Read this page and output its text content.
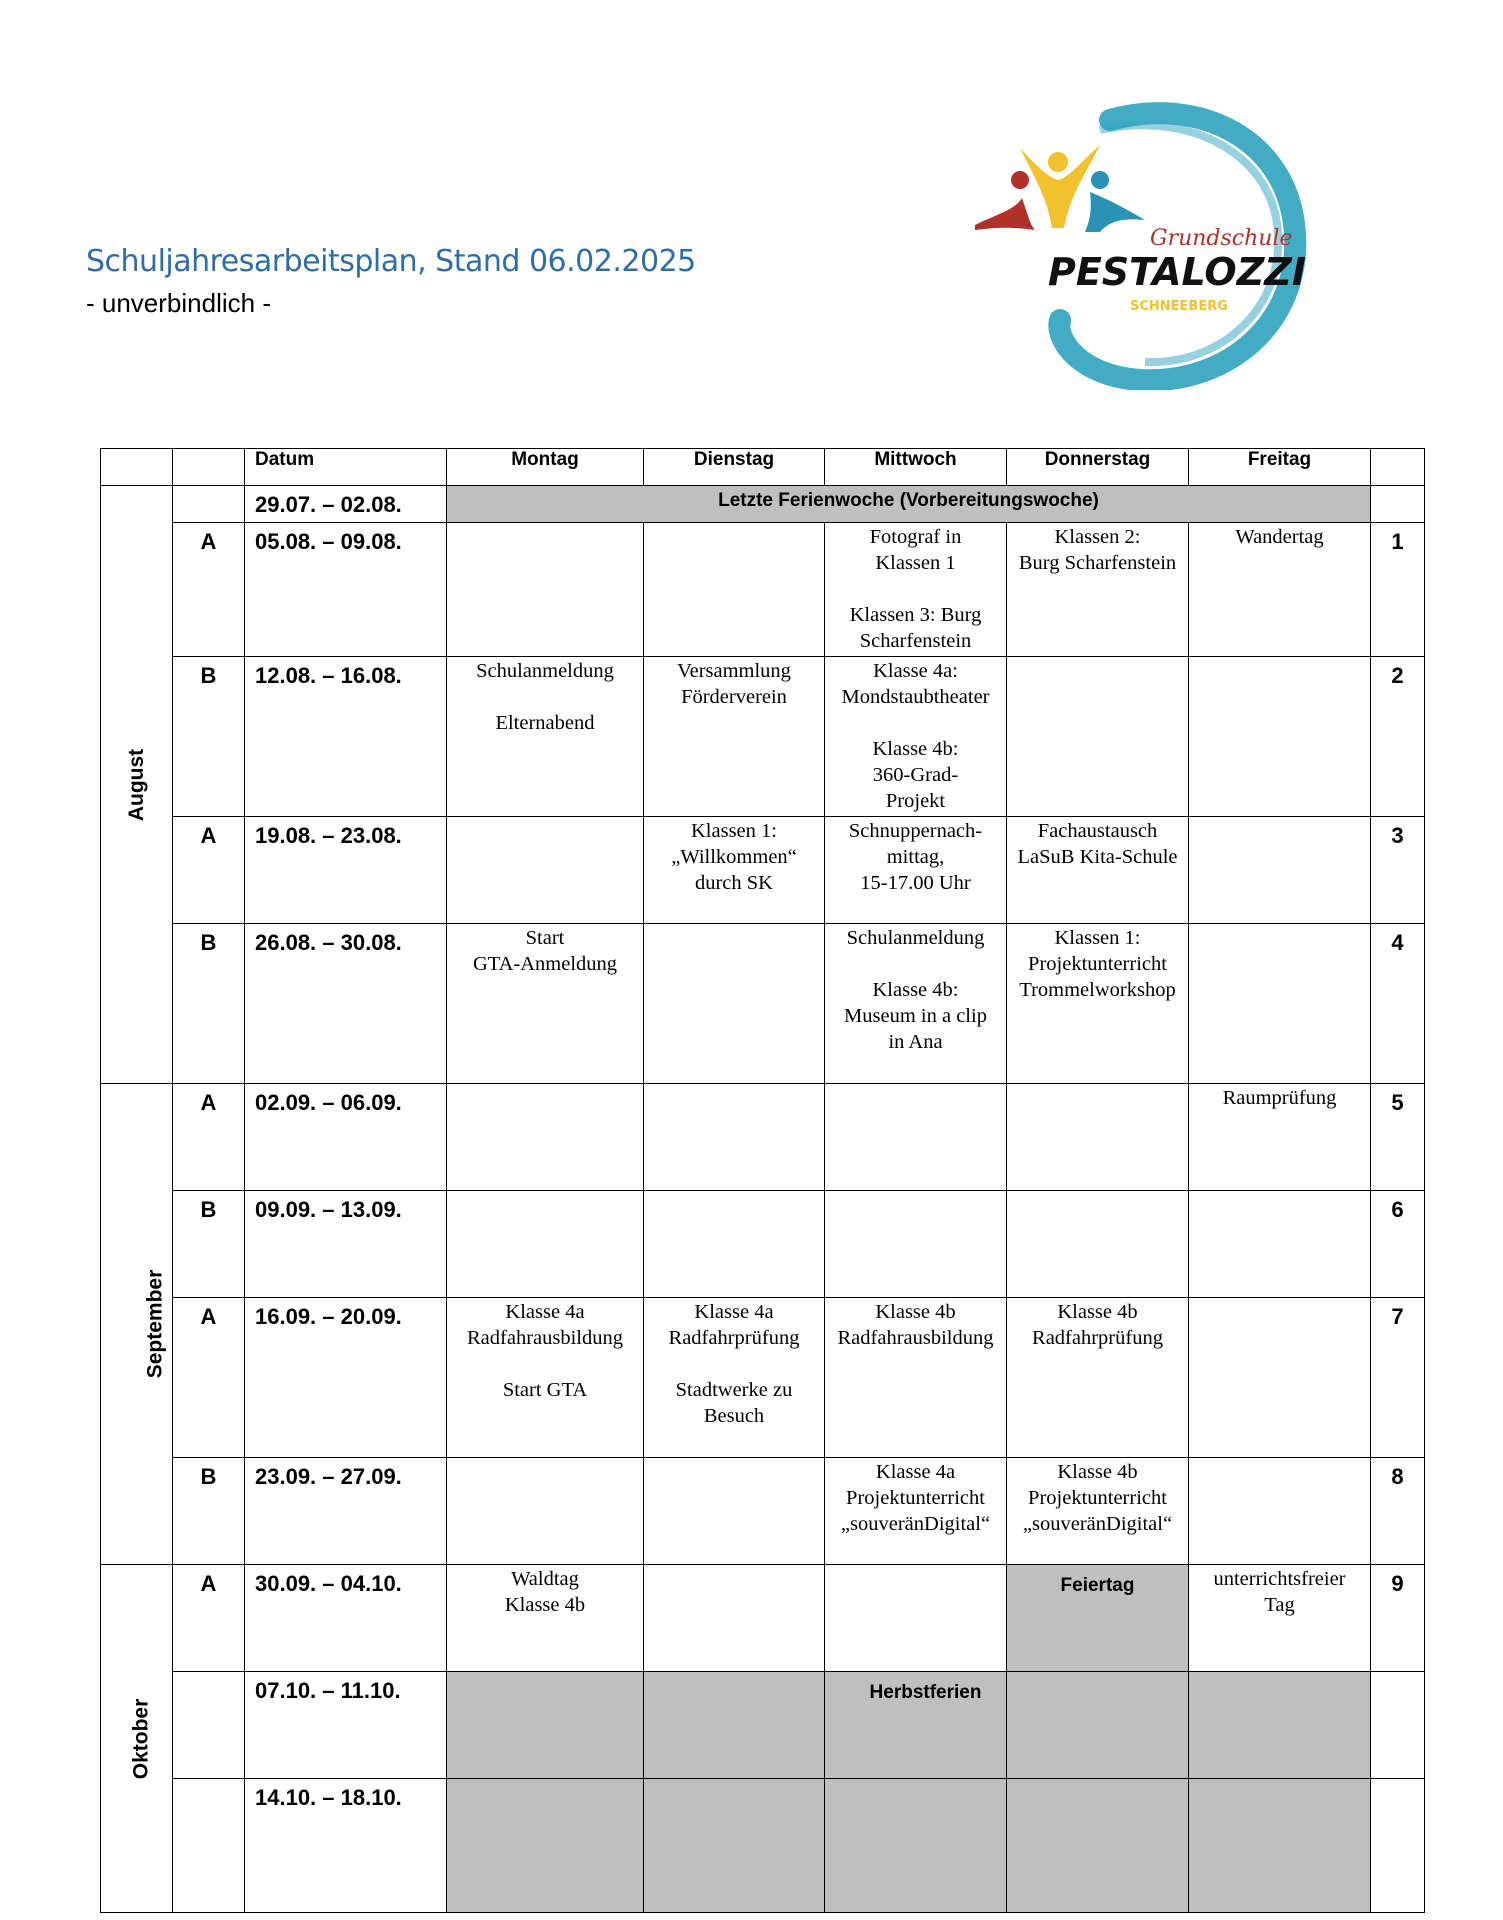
Schuljahresarbeitsplan, Stand 06.02.2025
- unverbindlich -
Grundschule
PESTALOZZI
SCHNEEBERG
		Datum	Montag	Dienstag	Mittwoch	Donnerstag	Freitag	
August		29.07. – 02.08.	Letzte Ferienwoche (Vorbereitungswoche)					
	A	05.08. – 09.08.			Fotograf in
Klassen 1

Klassen 3: Burg
Scharfenstein	Klassen 2:
Burg Scharfenstein	Wandertag	1
	B	12.08. – 16.08.	Schulanmeldung

Elternabend	Versammlung
Förderverein	Klasse 4a:
Mondstaubtheater

Klasse 4b:
360-Grad-
Projekt			2
	A	19.08. – 23.08.		Klassen 1:
„Willkommen“
durch SK	Schnuppernach-
mittag,
15-17.00 Uhr	Fachaustausch
LaSuB Kita-Schule		3
	B	26.08. – 30.08.	Start
GTA-Anmeldung		Schulanmeldung

Klasse 4b:
Museum in a clip
in Ana	Klassen 1:
Projektunterricht
Trommelworkshop		4
September	A	02.09. – 06.09.					Raumprüfung	5
	B	09.09. – 13.09.						6
	A	16.09. – 20.09.	Klasse 4a
Radfahrausbildung

Start GTA	Klasse 4a
Radfahrprüfung

Stadtwerke zu
Besuch	Klasse 4b
Radfahrausbildung	Klasse 4b
Radfahrprüfung		7
	B	23.09. – 27.09.			Klasse 4a
Projektunterricht
„souveränDigital“	Klasse 4b
Projektunterricht
„souveränDigital“		8
Oktober	A	30.09. – 04.10.	Waldtag
Klasse 4b			Feiertag	unterrichtsfreier
Tag	9
		07.10. – 11.10.			Herbstferien			
		14.10. – 18.10.						
